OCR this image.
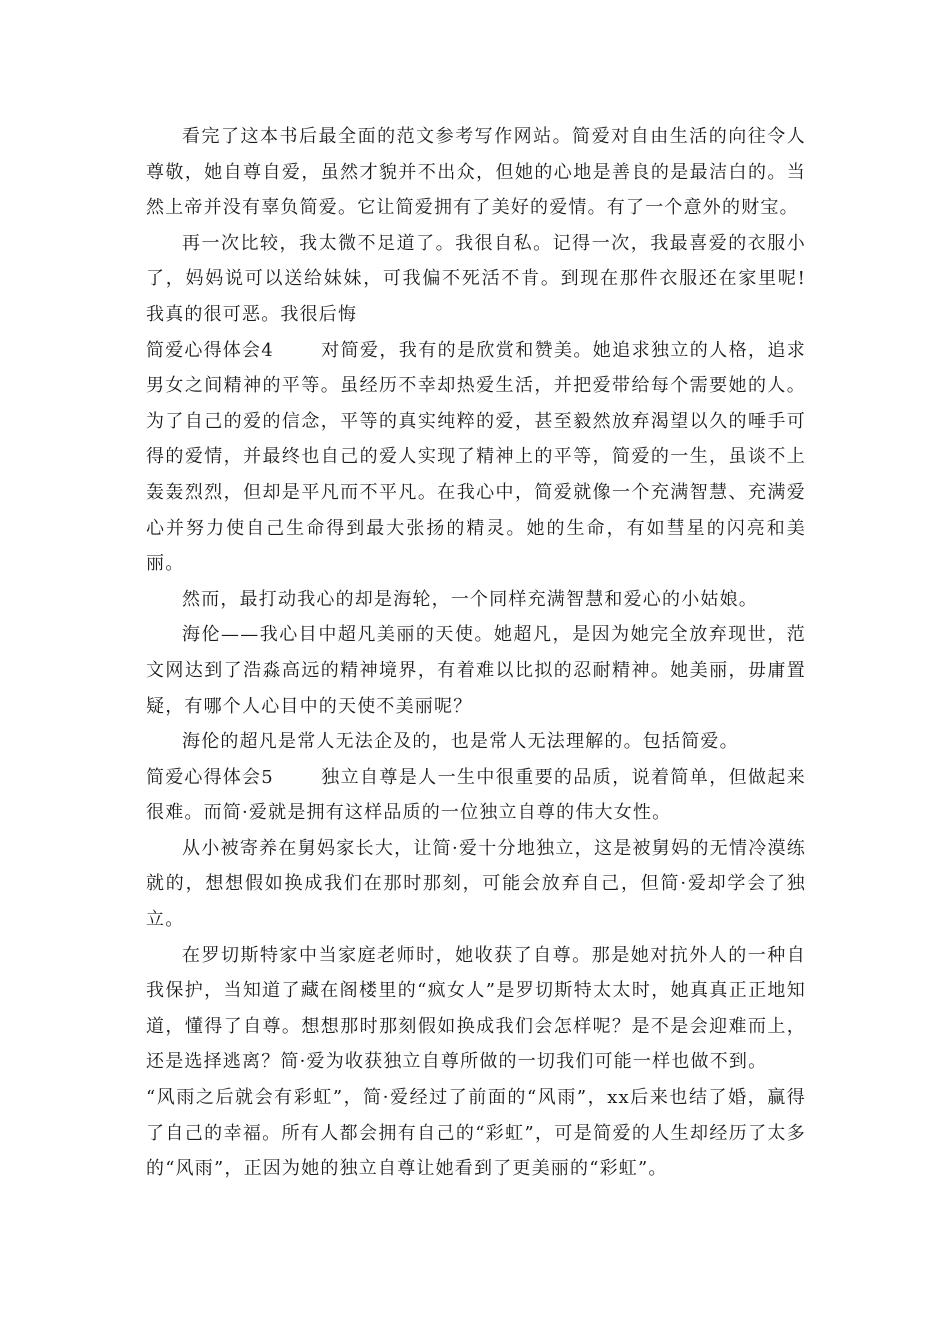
看完了这本书后最全面的范文参考写作网站。简爱对自由生活的向往令人尊敬，她自尊自爱，虽然才貌并不出众，但她的心地是善良的是最洁白的。当然上帝并没有辜负简爱。它让简爱拥有了美好的爱情。有了一个意外的财宝。

再一次比较，我太微不足道了。我很自私。记得一次，我最喜爱的衣服小了，妈妈说可以送给妹妹，可我偏不死活不肯。到现在那件衣服还在家里呢!我真的很可恶。我很后悔

简爱心得体会4	对简爱，我有的是欣赏和赞美。她追求独立的人格，追求男女之间精神的平等。虽经历不幸却热爱生活，并把爱带给每个需要她的人。为了自己的爱的信念，平等的真实纯粹的爱，甚至毅然放弃渴望以久的唾手可得的爱情，并最终也自己的爱人实现了精神上的平等，简爱的一生，虽谈不上轰轰烈烈，但却是平凡而不平凡。在我心中，简爱就像一个充满智慧、充满爱心并努力使自己生命得到最大张扬的精灵。她的生命，有如彗星的闪亮和美丽。

然而，最打动我心的却是海轮，一个同样充满智慧和爱心的小姑娘。

海伦——我心目中超凡美丽的天使。她超凡，是因为她完全放弃现世，范文网达到了浩淼高远的精神境界，有着难以比拟的忍耐精神。她美丽，毋庸置疑，有哪个人心目中的天使不美丽呢？

海伦的超凡是常人无法企及的，也是常人无法理解的。包括简爱。

简爱心得体会5	独立自尊是人一生中很重要的品质，说着简单，但做起来很难。而简·爱就是拥有这样品质的一位独立自尊的伟大女性。

从小被寄养在舅妈家长大，让简·爱十分地独立，这是被舅妈的无情冷漠练就的，想想假如换成我们在那时那刻，可能会放弃自己，但简·爱却学会了独立。

在罗切斯特家中当家庭老师时，她收获了自尊。那是她对抗外人的一种自我保护，当知道了藏在阁楼里的“疯女人”是罗切斯特太太时，她真真正正地知道，懂得了自尊。想想那时那刻假如换成我们会怎样呢？是不是会迎难而上，还是选择逃离？简·爱为收获独立自尊所做的一切我们可能一样也做不到。

“风雨之后就会有彩虹”，简·爱经过了前面的“风雨”，xx后来也结了婚，赢得了自己的幸福。所有人都会拥有自己的“彩虹”，可是简爱的人生却经历了太多的“风雨”，正因为她的独立自尊让她看到了更美丽的“彩虹”。
